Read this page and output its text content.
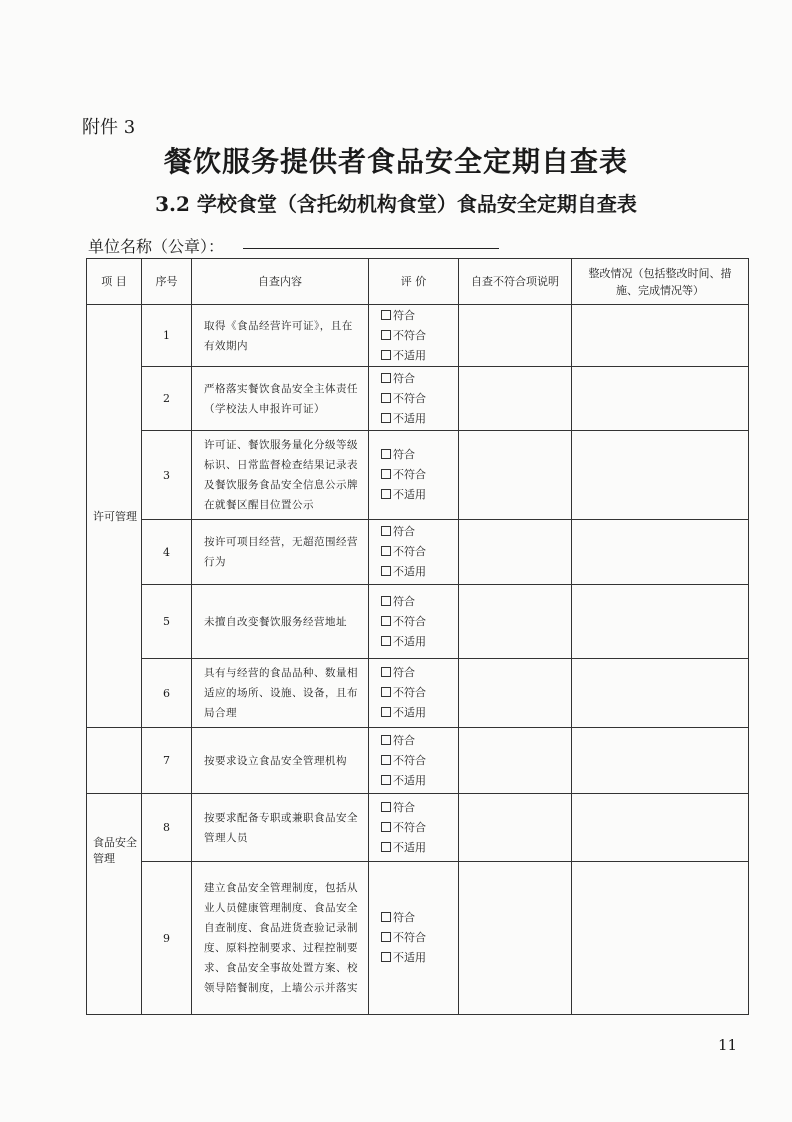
附件 3
餐饮服务提供者食品安全定期自查表
3.2 学校食堂（含托幼机构食堂）食品安全定期自查表
单位名称（公章）：
项 目	序号	自查内容	评 价	自查不符合项说明	整改情况（包括整改时间、措施、完成情况等）
许可管理	1	取得《食品经营许可证》，且在有效期内	符合
不符合
不适用		

	2	严格落实餐饮食品安全主体责任（学校法人申报许可证）	符合
不符合
不适用		

	3	许可证、餐饮服务量化分级等级标识、日常监督检查结果记录表及餐饮服务食品安全信息公示牌在就餐区醒目位置公示	符合
不符合
不适用		

	4	按许可项目经营，无超范围经营行为	符合
不符合
不适用		

	5	未擅自改变餐饮服务经营地址	符合
不符合
不适用		

	6	具有与经营的食品品种、数量相适应的场所、设施、设备，且布局合理	符合
不符合
不适用		

	7	按要求设立食品安全管理机构	符合
不符合
不适用		

食品安全管理	8	按要求配备专职或兼职食品安全管理人员	符合
不符合
不适用		

	9	建立食品安全管理制度，包括从业人员健康管理制度、食品安全自查制度、食品进货查验记录制度、原料控制要求、过程控制要求、食品安全事故处置方案、校领导陪餐制度，上墙公示并落实	符合
不符合
不适用		

11
